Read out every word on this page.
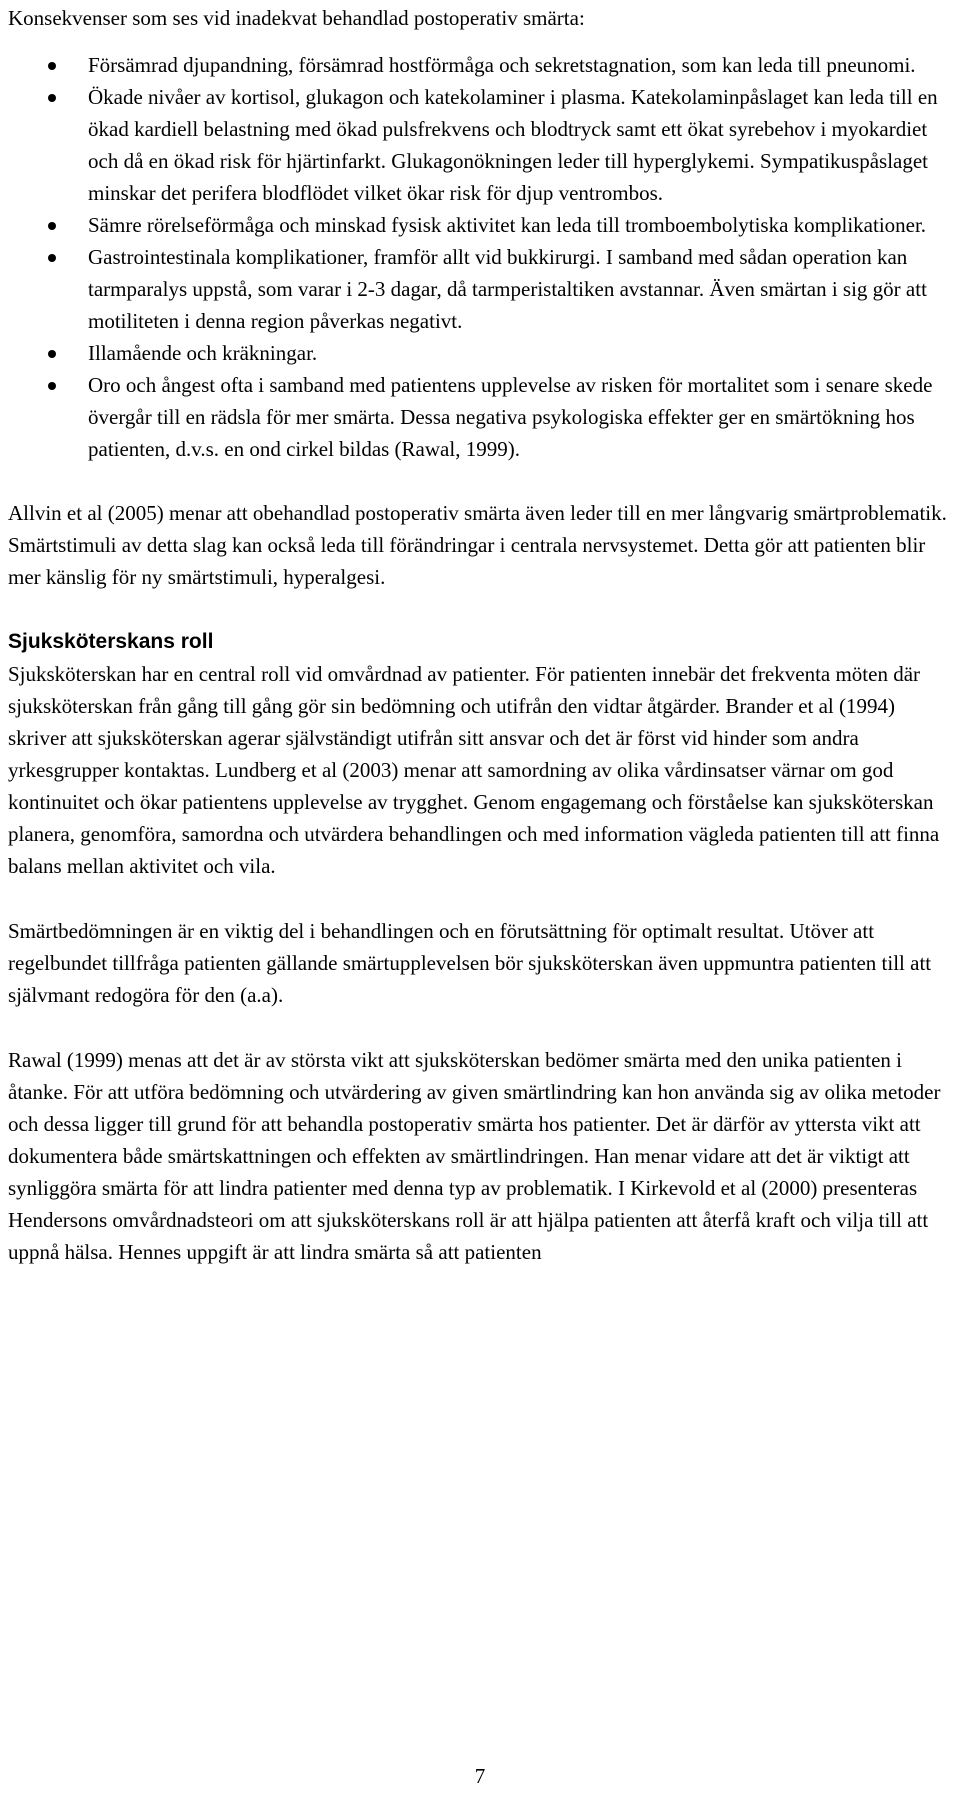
Konsekvenser som ses vid inadekvat behandlad postoperativ smärta:

Försämrad djupandning, försämrad hostförmåga och sekretstagnation, som kan leda till pneunomi.
Ökade nivåer av kortisol, glukagon och katekolaminer i plasma. Katekolaminpåslaget kan leda till en ökad kardiell belastning med ökad pulsfrekvens och blodtryck samt ett ökat syrebehov i myokardiet och då en ökad risk för hjärtinfarkt. Glukagonökningen leder till hyperglykemi. Sympatikuspåslaget minskar det perifera blodflödet vilket ökar risk för djup ventrombos.
Sämre rörelseförmåga och minskad fysisk aktivitet kan leda till tromboembolytiska komplikationer.
Gastrointestinala komplikationer, framför allt vid bukkirurgi. I samband med sådan operation kan tarmparalys uppstå, som varar i 2-3 dagar, då tarmperistaltiken avstannar. Även smärtan i sig gör att motiliteten i denna region påverkas negativt.
Illamående och kräkningar.
Oro och ångest ofta i samband med patientens upplevelse av risken för mortalitet som i senare skede övergår till en rädsla för mer smärta. Dessa negativa psykologiska effekter ger en smärtökning hos patienten, d.v.s. en ond cirkel bildas (Rawal, 1999).

Allvin et al (2005) menar att obehandlad postoperativ smärta även leder till en mer långvarig smärtproblematik. Smärtstimuli av detta slag kan också leda till förändringar i centrala nervsystemet. Detta gör att patienten blir mer känslig för ny smärtstimuli, hyperalgesi.

Sjuksköterskans roll

Sjuksköterskan har en central roll vid omvårdnad av patienter. För patienten innebär det frekventa möten där sjuksköterskan från gång till gång gör sin bedömning och utifrån den vidtar åtgärder. Brander et al (1994) skriver att sjuksköterskan agerar självständigt utifrån sitt ansvar och det är först vid hinder som andra yrkesgrupper kontaktas. Lundberg et al (2003) menar att samordning av olika vårdinsatser värnar om god kontinuitet och ökar patientens upplevelse av trygghet. Genom engagemang och förståelse kan sjuksköterskan planera, genomföra, samordna och utvärdera behandlingen och med information vägleda patienten till att finna balans mellan aktivitet och vila.

Smärtbedömningen är en viktig del i behandlingen och en förutsättning för optimalt resultat. Utöver att regelbundet tillfråga patienten gällande smärtupplevelsen bör sjuksköterskan även uppmuntra patienten till att självmant redogöra för den (a.a).

Rawal (1999) menas att det är av största vikt att sjuksköterskan bedömer smärta med den unika patienten i åtanke. För att utföra bedömning och utvärdering av given smärtlindring kan hon använda sig av olika metoder och dessa ligger till grund för att behandla postoperativ smärta hos patienter. Det är därför av yttersta vikt att dokumentera både smärtskattningen och effekten av smärtlindringen. Han menar vidare att det är viktigt att synliggöra smärta för att lindra patienter med denna typ av problematik. I Kirkevold et al (2000) presenteras Hendersons omvårdnadsteori om att sjuksköterskans roll är att hjälpa patienten att återfå kraft och vilja till att uppnå hälsa. Hennes uppgift är att lindra smärta så att patienten

7
